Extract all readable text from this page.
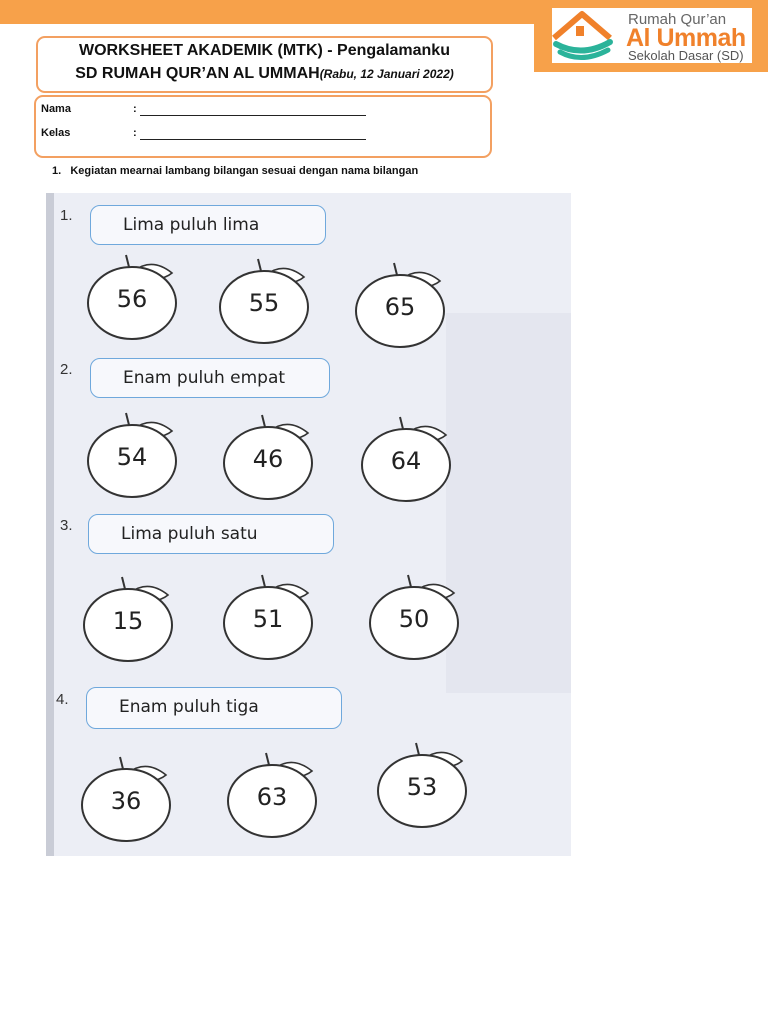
Rumah Qur’an
Al Ummah
Sekolah Dasar (SD)
WORKSHEET AKADEMIK (MTK) - Pengalamanku
SD RUMAH QUR’AN AL UMMAH(Rabu, 12 Januari 2022)
Nama	:
Kelas	:
1. Kegiatan mearnai lambang bilangan sesuai dengan nama bilangan
1.	Lima puluh lima
56	55	65
2.	Enam puluh empat
54	46	64
3.	Lima puluh satu
15	51	50
4.	Enam puluh tiga
36	63	53
